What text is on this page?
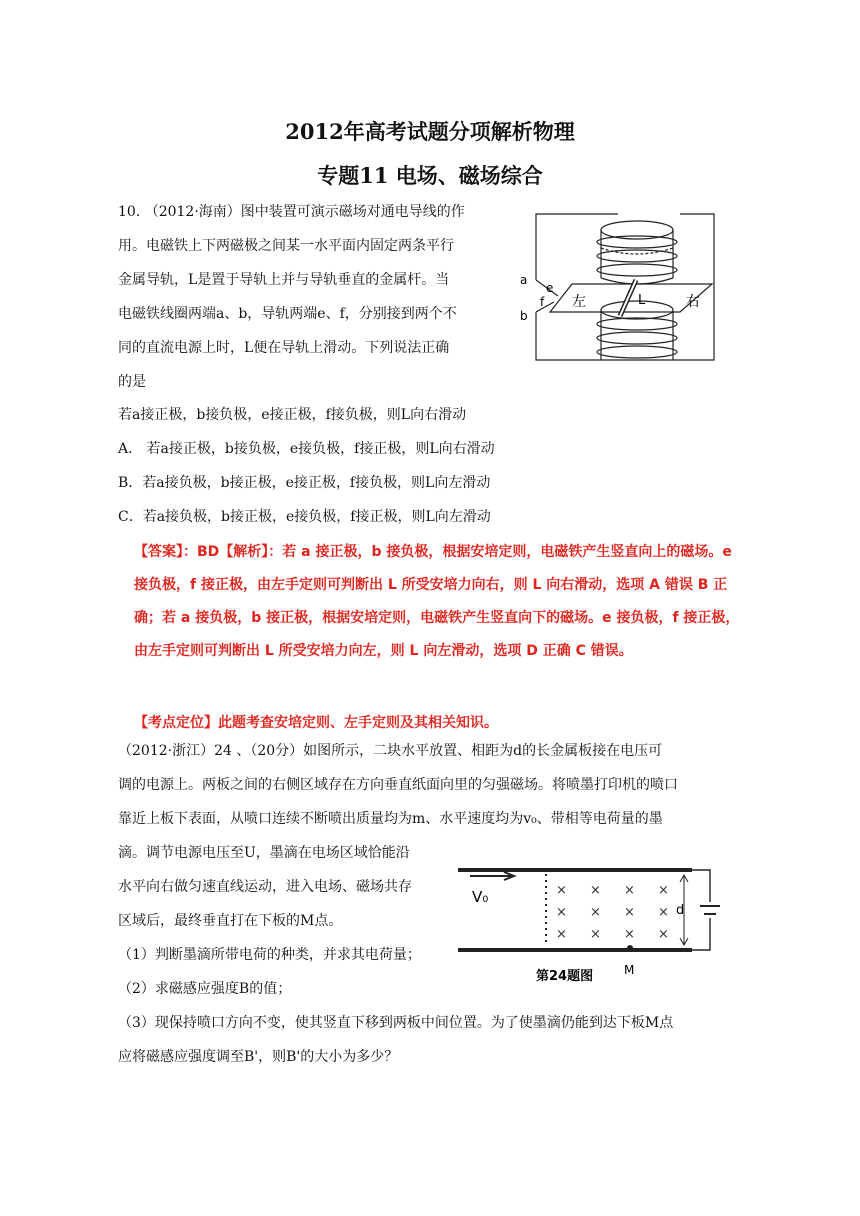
2012年高考试题分项解析物理
专题11 电场、磁场综合
10. （2012·海南）图中装置可演示磁场对通电导线的作
用。电磁铁上下两磁极之间某一水平面内固定两条平行
金属导轨，L是置于导轨上并与导轨垂直的金属杆。当
电磁铁线圈两端a、b，导轨两端e、f，分别接到两个不
同的直流电源上时，L便在导轨上滑动。下列说法正确
的是
若a接正极，b接负极，e接正极，f接负极，则L向右滑动
A． 若a接正极，b接负极，e接负极，f接正极，则L向右滑动
B．若a接负极，b接正极，e接正极，f接负极，则L向左滑动
C．若a接负极，b接正极，e接负极，f接正极，则L向左滑动
a
b
e
f 左	右
L

【答案】：BD【解析】：若 a 接正极，b 接负极，根据安培定则，电磁铁产生竖直向上的磁场。e 接负极，f 接正极，由左手定则可判断出 L 所受安培力向右，则 L 向右滑动，选项 A 错误 B 正确；若 a 接负极，b 接正极，根据安培定则，电磁铁产生竖直向下的磁场。e 接负极，f 接正极，由左手定则可判断出 L 所受安培力向左，则 L 向左滑动，选项 D 正确 C 错误。

【考点定位】此题考查安培定则、左手定则及其相关知识。
（2012·浙江）24 、（20分）如图所示，二块水平放置、相距为d的长金属板接在电压可
调的电源上。两板之间的右侧区域存在方向垂直纸面向里的匀强磁场。将喷墨打印机的喷口
靠近上板下表面，从喷口连续不断喷出质量均为m、水平速度均为v₀、带相等电荷量的墨
滴。调节电源电压至U，墨滴在电场区域恰能沿
水平向右做匀速直线运动，进入电场、磁场共存
区域后，最终垂直打在下板的M点。
（1）判断墨滴所带电荷的种类，并求其电荷量；
（2）求磁感应强度B的值；
（3）现保持喷口方向不变，使其竖直下移到两板中间位置。为了使墨滴仍能到达下板M点
应将磁感应强度调至B'，则B'的大小为多少？
V₀
d
M
第24题图
× × × ×
× × × ×
× × × ×
